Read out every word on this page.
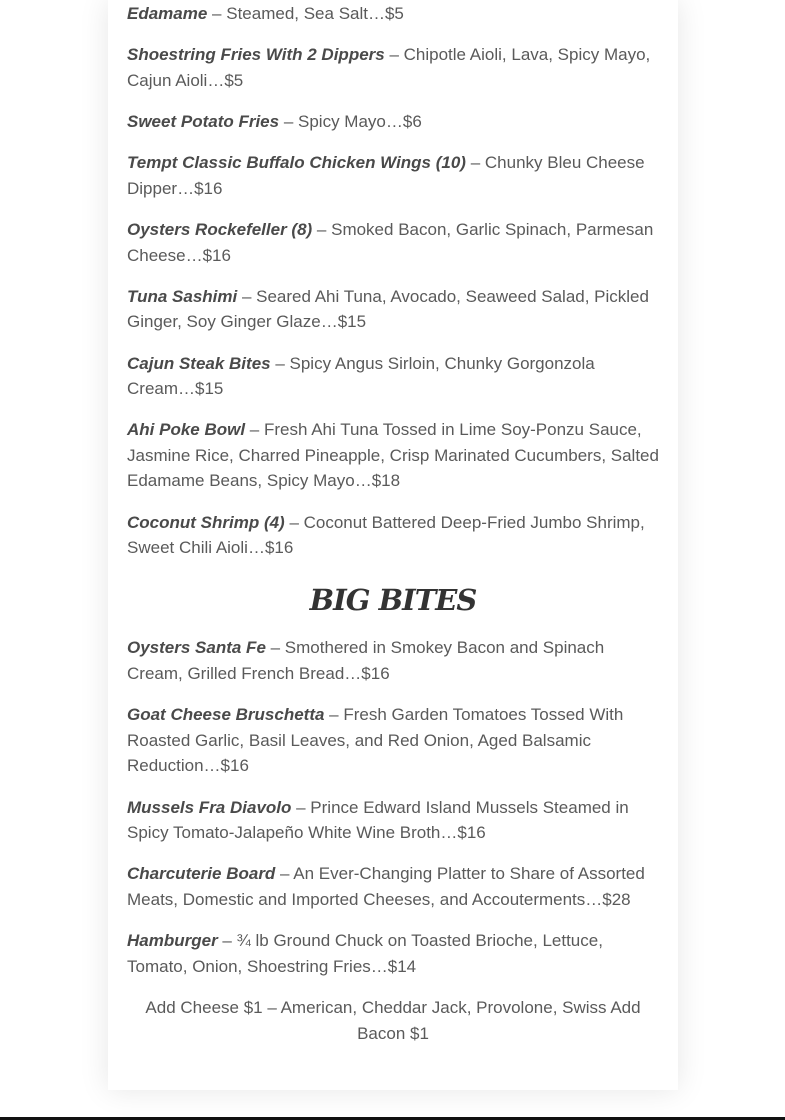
Edamame – Steamed, Sea Salt…$5

Shoestring Fries With 2 Dippers – Chipotle Aioli, Lava, Spicy Mayo, Cajun Aioli…$5

Sweet Potato Fries – Spicy Mayo…$6

Tempt Classic Buffalo Chicken Wings (10) – Chunky Bleu Cheese Dipper…$16

Oysters Rockefeller (8) – Smoked Bacon, Garlic Spinach, Parmesan Cheese…$16

Tuna Sashimi – Seared Ahi Tuna, Avocado, Seaweed Salad, Pickled Ginger, Soy Ginger Glaze…$15

Cajun Steak Bites – Spicy Angus Sirloin, Chunky Gorgonzola Cream…$15

Ahi Poke Bowl – Fresh Ahi Tuna Tossed in Lime Soy-Ponzu Sauce, Jasmine Rice, Charred Pineapple, Crisp Marinated Cucumbers, Salted Edamame Beans, Spicy Mayo…$18

Coconut Shrimp (4) – Coconut Battered Deep-Fried Jumbo Shrimp, Sweet Chili Aioli…$16

BIG BITES

Oysters Santa Fe – Smothered in Smokey Bacon and Spinach Cream, Grilled French Bread…$16

Goat Cheese Bruschetta – Fresh Garden Tomatoes Tossed With Roasted Garlic, Basil Leaves, and Red Onion, Aged Balsamic Reduction…$16

Mussels Fra Diavolo – Prince Edward Island Mussels Steamed in Spicy Tomato-Jalapeño White Wine Broth…$16

Charcuterie Board – An Ever-Changing Platter to Share of Assorted Meats, Domestic and Imported Cheeses, and Accouterments…$28

Hamburger – ¾ lb Ground Chuck on Toasted Brioche, Lettuce, Tomato, Onion, Shoestring Fries…$14

Add Cheese $1 – American, Cheddar Jack, Provolone, Swiss Add Bacon $1
